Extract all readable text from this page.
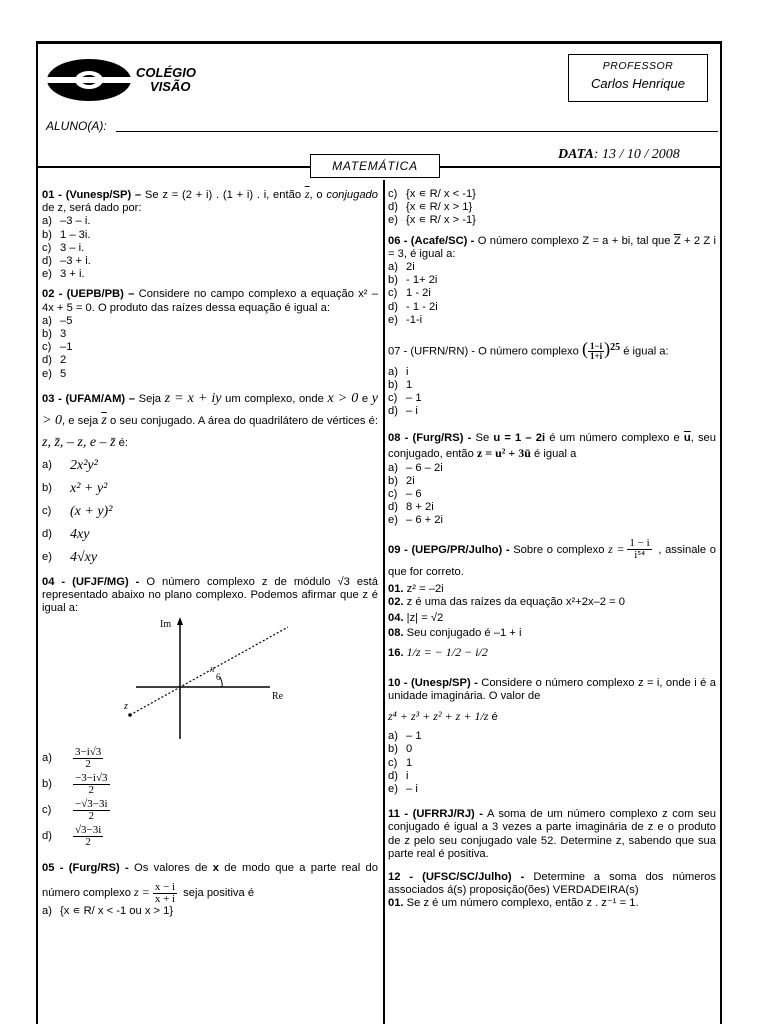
COLÉGIO
VISÃO
PROFESSOR
Carlos Henrique
ALUNO(A):
DATA: 13 / 10 / 2008
MATEMÁTICA

01 - (Vunesp/SP) – Se z = (2 + i) . (1 + i) . i, então $\overline{z}$, o conjugado de z, será dado por:

a) –3 – i.
b) 1 – 3i.
c) 3 – i.
d) –3 + i.
e) 3 + i.

02 - (UEPB/PB) – Considere no campo complexo a equação x² – 4x + 5 = 0. O produto das raízes dessa equação é igual a:

a) –5
b) 3
c) –1
d) 2
e) 5

03 - (UFAM/AM) – Seja z = x + iy um complexo, onde x > 0 e y > 0, e seja $\overline{z}$ o seu conjugado. A área do quadrilátero de vértices é: z, z̄, – z, e – z̄ é:

a)	2x²y²
b)	x² + y²
c)	(x + y)²
d)	4xy
e)	4√xy

04 - (UFJF/MG) - O número complexo z de módulo √3 está representado abaixo no plano complexo. Podemos afirmar que z é igual a:

Im
Re
z
π
6
a)	$\frac{3-i√3}{2}$
b)	$\frac{-3-i√3}{2}$
c)	$\frac{-√3-3i}{2}$
d)	$\frac{√3-3i}{2}$

05 - (Furg/RS) - Os valores de x de modo que a parte real do número complexo $z = \frac{x - i}{x + i}$ seja positiva é

a) {x ∊ R/ x < -1 ou x > 1}
c) {x ∊ R/ x < -1}
d) {x ∊ R/ x > 1}
e) {x ∊ R/ x > -1}

06 - (Acafe/SC) - O número complexo Z = a + bi, tal que $\overline{Z} + 2$ Z i = 3, é igual a:

a) 2i
b) - 1+ 2i
c) 1 - 2i
d) - 1 - 2i
e) -1-i

07 - (UFRN/RN) - O número complexo ( $\frac{1-i}{1+i} )^{25}$ é igual a:

a) i
b) 1
c) – 1
d) – i

08 - (Furg/RS) - Se u = 1 – 2i é um número complexo e $\overline{u}$, seu conjugado, então z = u² + 3ū é igual a

a) – 6 – 2i
b) 2i
c) – 6
d) 8 + 2i
e) – 6 + 2i

09 - (UEPG/PR/Julho) - Sobre o complexo $z = \frac{1 - i}{\text{i⁵⁴}}$ , assinale o que for correto.

01. z² = –2i
02. z é uma das raízes da equação x²+2x–2 = 0
04. |z| = √2
08. Seu conjugado é –1 + i
16. 1/z = − 1/2 − i/2

10 - (Unesp/SP) - Considere o número complexo z = i, onde i é a unidade imaginária. O valor de

z⁴ + z³ + z² + z + 1/z é

a) – 1
b) 0
c) 1
d) i
e) – i

11 - (UFRRJ/RJ) - A soma de um número complexo z com seu conjugado é igual a 3 vezes a parte imaginária de z e o produto de z pelo seu conjugado vale 52. Determine z, sabendo que sua parte real é positiva.

12 - (UFSC/SC/Julho) - Determine a soma dos números associados á(s) proposição(ões) VERDADEIRA(s)

01. Se z é um número complexo, então z . z⁻¹ = 1.
